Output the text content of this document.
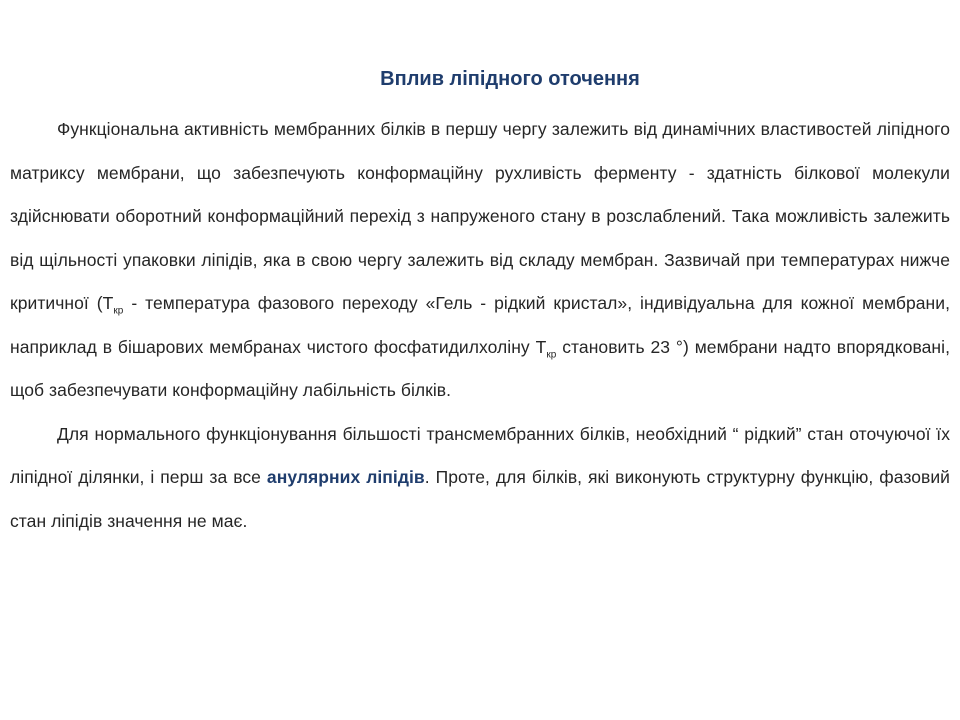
Вплив ліпідного оточення

Функціональна активність мембранних білків в першу чергу залежить від динамічних властивостей ліпідного матриксу мембрани, що забезпечують конформаційну рухливість ферменту - здатність білкової молекули здійснювати оборотний конформаційний перехід з напруженого стану в розслаблений. Така можливість залежить від щільності упаковки ліпідів, яка в свою чергу залежить від складу мембран. Зазвичай при температурах нижче критичної ($Т_{кр}$ - температура фазового переходу «Гель - рідкий кристал», індивідуальна для кожної мембрани, наприклад в бішарових мембранах чистого фосфатидилхоліну $Т_{кр}$ становить 23 °) мембрани надто впорядковані, щоб забезпечувати конформаційну лабільність білків.

Для нормального функціонування більшості трансмембранних білків, необхідний “ рідкий” стан оточуючої їх ліпідної ділянки, і перш за все анулярних ліпідів. Проте, для білків, які виконують структурну функцію, фазовий стан ліпідів значення не має.
